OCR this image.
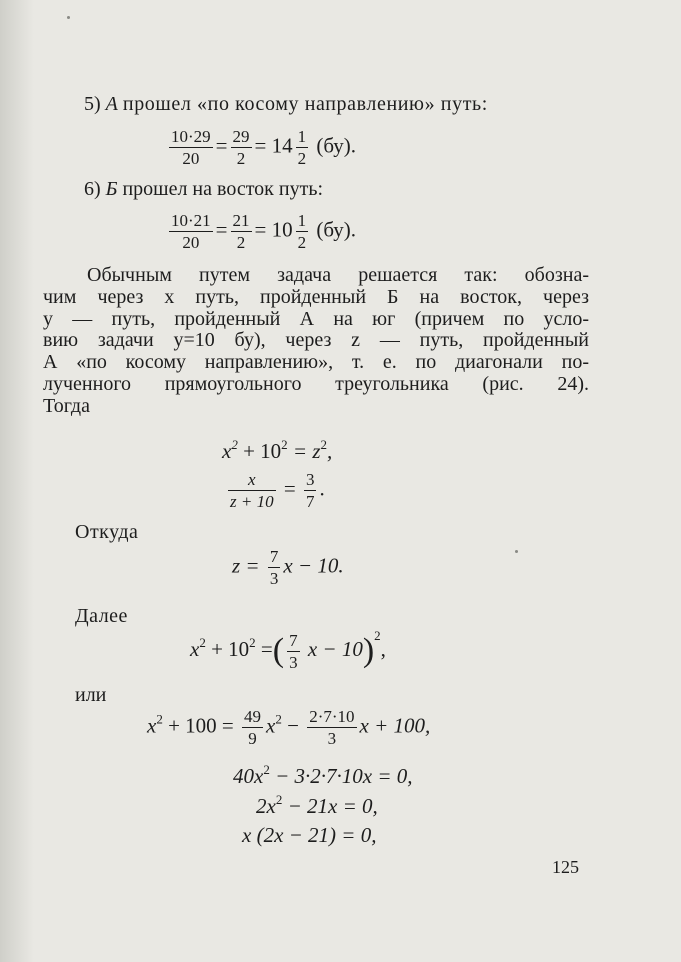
5) А прошел «по косому направлению» путь:
$\frac{10\cdot 29}{20} = \frac{29}{2} = 14 \frac{1}{2} (бу)$.
6) Б прошел на восток путь:
$\frac{10\cdot 21}{20} = \frac{21}{2} = 10 \frac{1}{2} (бу)$.
Обычным путем задача решается так: обозна-
чим через x путь, пройденный Б на восток, через
y — путь, пройденный А на юг (причем по усло-
вию задачи y=10 бу), через z — путь, пройденный
А «по косому направлению», т. е. по диагонали по-
лученного прямоугольного треугольника (рис. 24).
Тогда
$x^2 + 10^2 = z^2$,
$\frac{x}{z + 10} = \frac{3}{7}$ .
Откуда
$z = \frac{7}{3}$ x − 10.
Далее
$x^2 + 10^2$ =( $\frac{7}{3}$ x − 10)$^2$,
или
$x^2 + 100 = \frac{49}{9} x^2 - \frac{2\cdot 7\cdot 10}{3}$ x + 100,
$40x^2 - 3\cdot 2\cdot 7\cdot 10x = 0$,
$2x^2 - 21x = 0$,
x (2x − 21) = 0,
125
